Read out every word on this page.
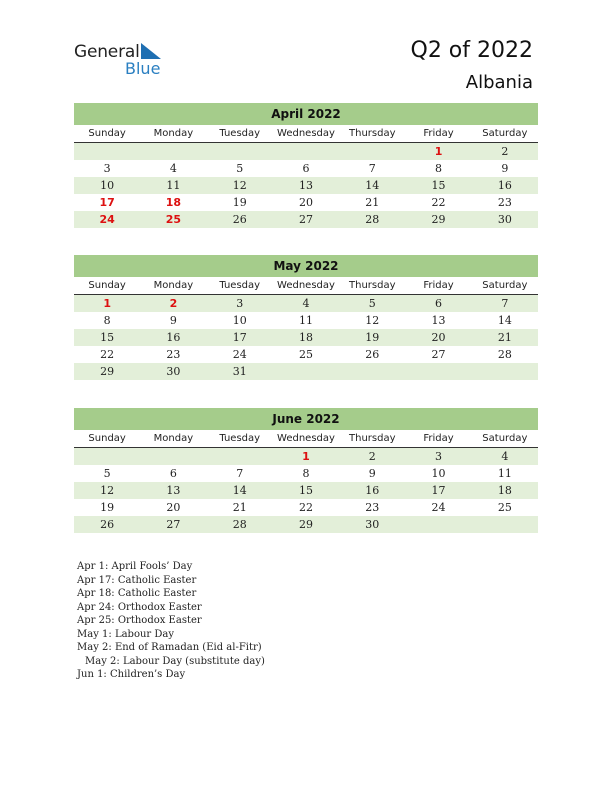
General
Blue
Q2 of 2022
Albania
April 2022
Sunday	Monday	Tuesday	Wednesday	Thursday	Friday	Saturday
					1	2
3	4	5	6	7	8	9
10	11	12	13	14	15	16
17	18	19	20	21	22	23
24	25	26	27	28	29	30
May 2022
Sunday	Monday	Tuesday	Wednesday	Thursday	Friday	Saturday
1	2	3	4	5	6	7
8	9	10	11	12	13	14
15	16	17	18	19	20	21
22	23	24	25	26	27	28
29	30	31				
June 2022
Sunday	Monday	Tuesday	Wednesday	Thursday	Friday	Saturday
			1	2	3	4
5	6	7	8	9	10	11
12	13	14	15	16	17	18
19	20	21	22	23	24	25
26	27	28	29	30		
Apr 1: April Fools’ Day
Apr 17: Catholic Easter
Apr 18: Catholic Easter
Apr 24: Orthodox Easter
Apr 25: Orthodox Easter
May 1: Labour Day
May 2: End of Ramadan (Eid al-Fitr)
May 2: Labour Day (substitute day)
Jun 1: Children’s Day
